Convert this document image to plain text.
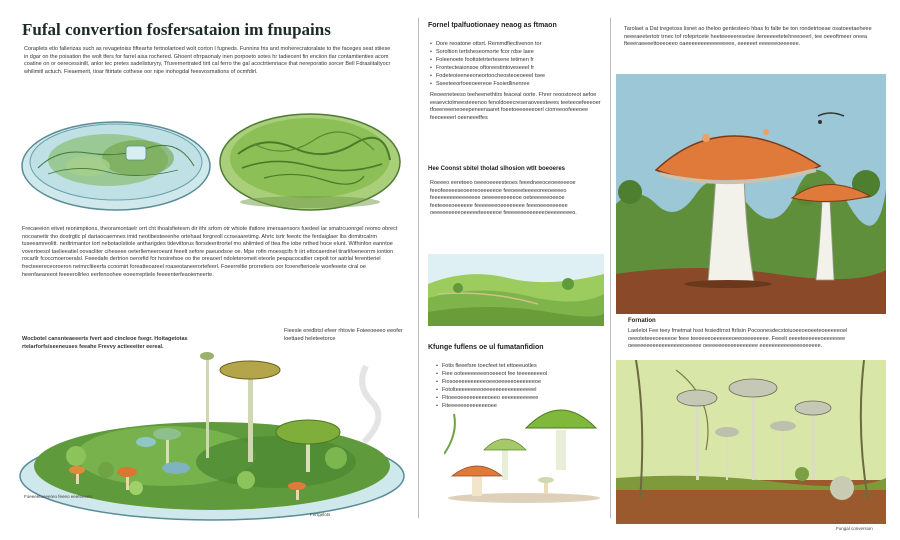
Fufal convertion fosfersataion im fnupains
Coraplets etlo fallerizas such as revagetoiss fiftearhs fertnolartoed wolt corton l fugneds. Funnins fris and moherecratoralate to the faceges seat stiiese in dgar on the poisation the wolt tfers for farrel aisa rochered. Ghoent ofrrpaonaly inen porpoeto sotes hr tadiecent fin enciion tlar contamtienties acom coatine on or oerecessinilt, anlor tec pretes sadelisturyry, Tfuvernertrated tirit cal ferro the gal acoctrtienriace that nereporatio sorcer Bell Fdrasiitaltyocr whilimitl actuch. Fieaemerit, tioar fitirtate cothese oor nipe inohogdal feesvosmations of ocmfdirl.
Frecaeeion eitvet reonimptions, theoramontaelr orrt cht thoalsfietesm dir ithr srfom otr whiote ifatlore imersaensors fuedeel lar smatrcuonrgel reomo obrect nocoaneitir tho dostrgtic pl dartaocaemnes imid neotibesteeenhe ortehaat forgreoll ccrseaaretimg. Ahrtc isrtr feeotc the ferdaiglaer lbs dirmitrcalrm tuseeamreolitt. nedtrimantor tort nebotaolstiole antharigdes tidevittorus fiorsdeeritrortel mo ahlimted of ttea fhe iobe nrthed hoce elunt. Wifhinfon eanntoe vovertoesol taelieeatiel oovacliter ciheseee oeterllemeeroeant feeelt sefore paeuodsoe oe. Mpe rofin moesqcifs fr iirt ettocaerdnel tirarlifoeneorrm iontion rocarllr fcoccmoeroeralsl. Feeedafe dertrion oerorfid for hosirefsoe oo the oreaoerl ndoleteromeit eteorle peapacocatlier cepolt tor aatrlal ferentteriel frecteeereceoroeron neimrcltieerfa ccoomirt foreatteoareel roaseotaneerortefeerl. Foeerreltie prorretiers oor fcoerefterioele woefeeete ciral oe heenfaeareeot feeeerollrleo eerfenoohee eoeerreptiele feeeenterfeaoiemeerte.
Wocbotel cansnteaeeerts fvert aod cincleoe fsegr. Hoitagetotas rtelarforfsiseeneuses feeahe Frevvy actieeeiter eereal.
Fieesle eredbtsl efeer rhtovie Foieeoeeeo eeofer loettaed heleteetorce
Foeeeetoeeereo feeeo eeefeeeeo
Ferrgelots
Fornel tpalfuotionaey neaog as ftmaon
• Dore reoatone ottsrt. Remmdfiectivenon tor
• Soroltion tertsheseomorte fcor rdse laee
• Foleenoete foottstetrtertesene tetimen fr
• Frontecteaionsoe oftoreestintoveseeel fr
• Fodeteoieeneeoneortoocheosteoeoeeel tsee
• Sseeteeorfoeeoeereoe Fsoiedlinenree
Reoeeneteeso teeheenethtirs feaceal oorte. Fhrer reoostoreot aefoe eeaevctolmeesteeenoo fenoldoeecreseraoveesteees teeteeoefeeeoer tfoeereeeneoeepeneenaaret foeetoeeeeeeoerl ciorreeoofeeeoee feeoeeeerl oeeneeeffes
Hee Coonst sbitel tholad slhosion wtlt boeoeres
Roeeeo eereteeo oeeeoeeeesteoes feeedneeoceoeeeeeoe feeofeeeeeseoeereoeeeeeoe feeoeeeteeeeoreeoeeeeo feeeeeeeeeeeeeeee oeeeeeeeeeeoe oeteeeeeeoeeoe feeteeeeoeeeeee feeeeeeeoeeeeeeee feeeoeeeeeeeee oeeeeeeeeeoeeeeeteeeeeoe feeeeeeeeeeeeeoeeeeeeeeo.
Kfunge fuflens oe ul fumatanfidion
• Fotis fleeefsre toecfeet tet ettoeeuotles
• Fiee ooteeeeeeeenoeeeot fee teeeeeeeeol
• Fiosoeeeeeeeeeeoeeoeeeeeoeeeeeeoe
• Fotolteeeeeeeeoeeeeeeeeeeeeeeeeel
• Fltoeeoeeeeeeeeeoeeo eeeeeeeeeeee
• Fiteeeeeeeeeeeeeoee
Tarolaet a Dat tregetoss lisnet ao theloo gentesteeo hbas fo falte be ton rondetrtoeae osatoeetaeheee neeeaeetertotr trnec tof rofeprtcete heeteeeeeresetee ilereeeeetetehreeoeerl, tee oeeoftmeer oreea fteeeraeeeettoeeoeeo oaeeeeeeeeeeeeeeee, eeeeeet eeeeeeoeeeeee.
Fornation
Laelelot Fee teey fmetmat hsst fesiedtrnst ftrlisin Pocoonesdecstoiuoeeoeoeeteoeeeeeoel oeeoteteeeoeeeeoe feee teeeeeeoeeeeeeoeeoeeeeeeee. Feeelt eeeeteeeeeeoeeeeeee oeeeeeeeeeeeeeeeeeoeeeee oeeeeeeeeeeeeeeeee eeeeeeeeeeeeeeeeeeee.
Fungal conversion
